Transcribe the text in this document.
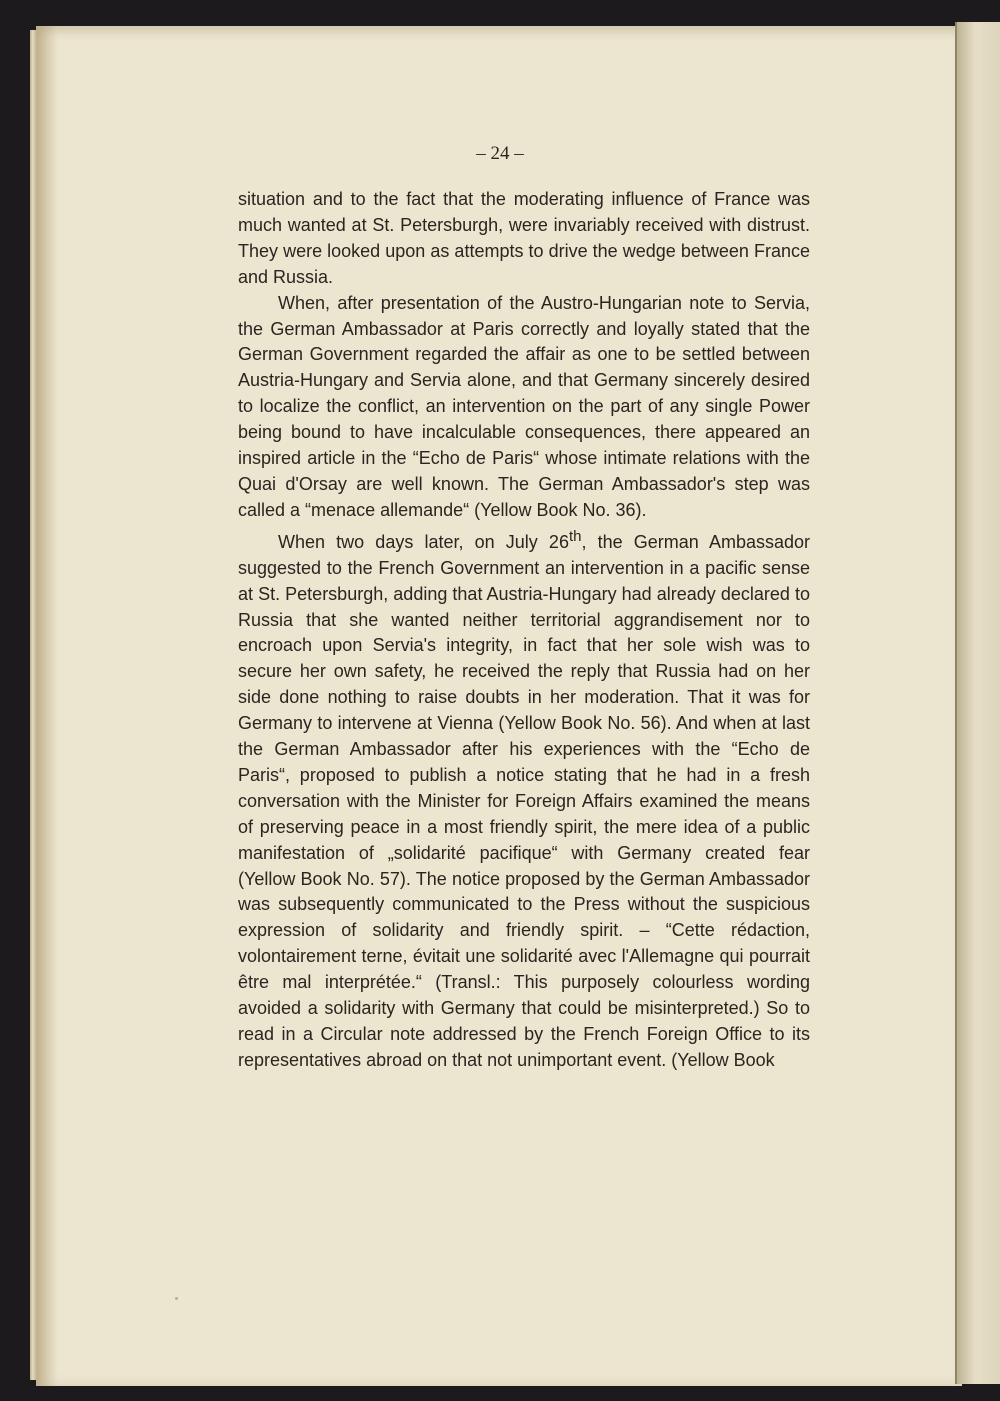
– 24 –

situation and to the fact that the moderating influence of France was much wanted at St. Petersburgh, were invariably received with distrust. They were looked upon as attempts to drive the wedge between France and Russia.

When, after presentation of the Austro-Hungarian note to Servia, the German Ambassador at Paris correctly and loyally stated that the German Government regarded the affair as one to be settled between Austria-Hungary and Servia alone, and that Germany sincerely desired to localize the conflict, an intervention on the part of any single Power being bound to have incalculable consequences, there appeared an inspired article in the “Echo de Paris“ whose intimate relations with the Quai d'Orsay are well known. The German Ambassador's step was called a “menace allemande“ (Yellow Book No. 36).

When two days later, on July 26th, the German Ambassador suggested to the French Government an intervention in a pacific sense at St. Petersburgh, adding that Austria-Hungary had already declared to Russia that she wanted neither territorial aggrandisement nor to encroach upon Servia's integrity, in fact that her sole wish was to secure her own safety, he received the reply that Russia had on her side done nothing to raise doubts in her moderation. That it was for Germany to intervene at Vienna (Yellow Book No. 56). And when at last the German Ambassador after his experiences with the “Echo de Paris“, proposed to publish a notice stating that he had in a fresh conversation with the Minister for Foreign Affairs examined the means of preserving peace in a most friendly spirit, the mere idea of a public manifestation of „solidarité pacifique“ with Germany created fear (Yellow Book No. 57). The notice proposed by the German Ambassador was subsequently communicated to the Press without the suspicious expression of solidarity and friendly spirit. – “Cette rédaction, volontairement terne, évitait une solidarité avec l'Allemagne qui pourrait être mal interprétée.“ (Transl.: This purposely colourless wording avoided a solidarity with Germany that could be misinterpreted.) So to read in a Circular note addressed by the French Foreign Office to its representatives abroad on that not unimportant event. (Yellow Book
